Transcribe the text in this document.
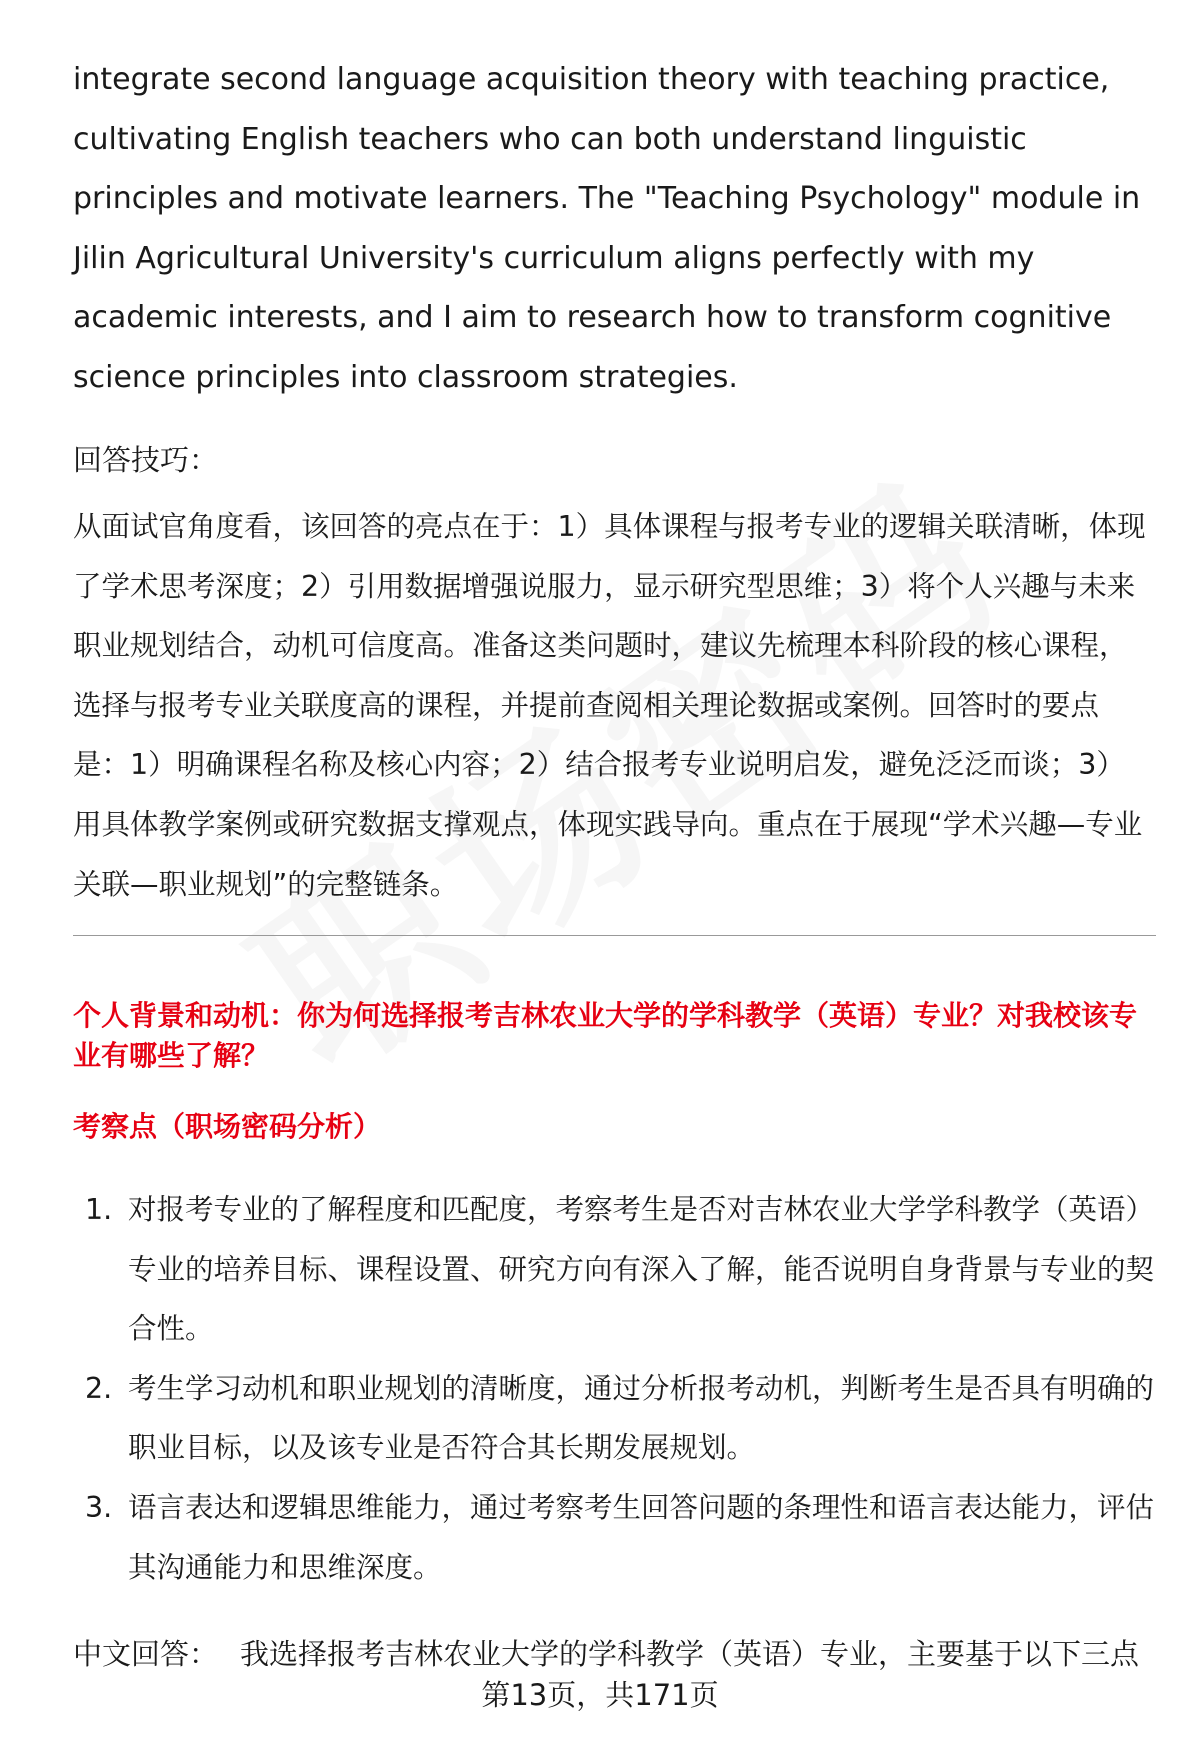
integrate second language acquisition theory with teaching practice, cultivating English teachers who can both understand linguistic principles and motivate learners. The "Teaching Psychology" module in Jilin Agricultural University's curriculum aligns perfectly with my academic interests, and I aim to research how to transform cognitive science principles into classroom strategies.

回答技巧：

从面试官角度看，该回答的亮点在于：1）具体课程与报考专业的逻辑关联清晰，体现了学术思考深度；2）引用数据增强说服力，显示研究型思维；3）将个人兴趣与未来职业规划结合，动机可信度高。准备这类问题时，建议先梳理本科阶段的核心课程，选择与报考专业关联度高的课程，并提前查阅相关理论数据或案例。回答时的要点是：1）明确课程名称及核心内容；2）结合报考专业说明启发，避免泛泛而谈；3）用具体教学案例或研究数据支撑观点，体现实践导向。重点在于展现“学术兴趣—专业关联—职业规划”的完整链条。

个人背景和动机：你为何选择报考吉林农业大学的学科教学（英语）专业？对我校该专业有哪些了解？

考察点（职场密码分析）
1. 对报考专业的了解程度和匹配度，考察考生是否对吉林农业大学学科教学（英语）专业的培养目标、课程设置、研究方向有深入了解，能否说明自身背景与专业的契合性。
2. 考生学习动机和职业规划的清晰度，通过分析报考动机，判断考生是否具有明确的职业目标，以及该专业是否符合其长期发展规划。
3. 语言表达和逻辑思维能力，通过考察考生回答问题的条理性和语言表达能力，评估其沟通能力和思维深度。
中文回答： 我选择报考吉林农业大学的学科教学（英语）专业，主要基于以下三点
第13页，共171页
